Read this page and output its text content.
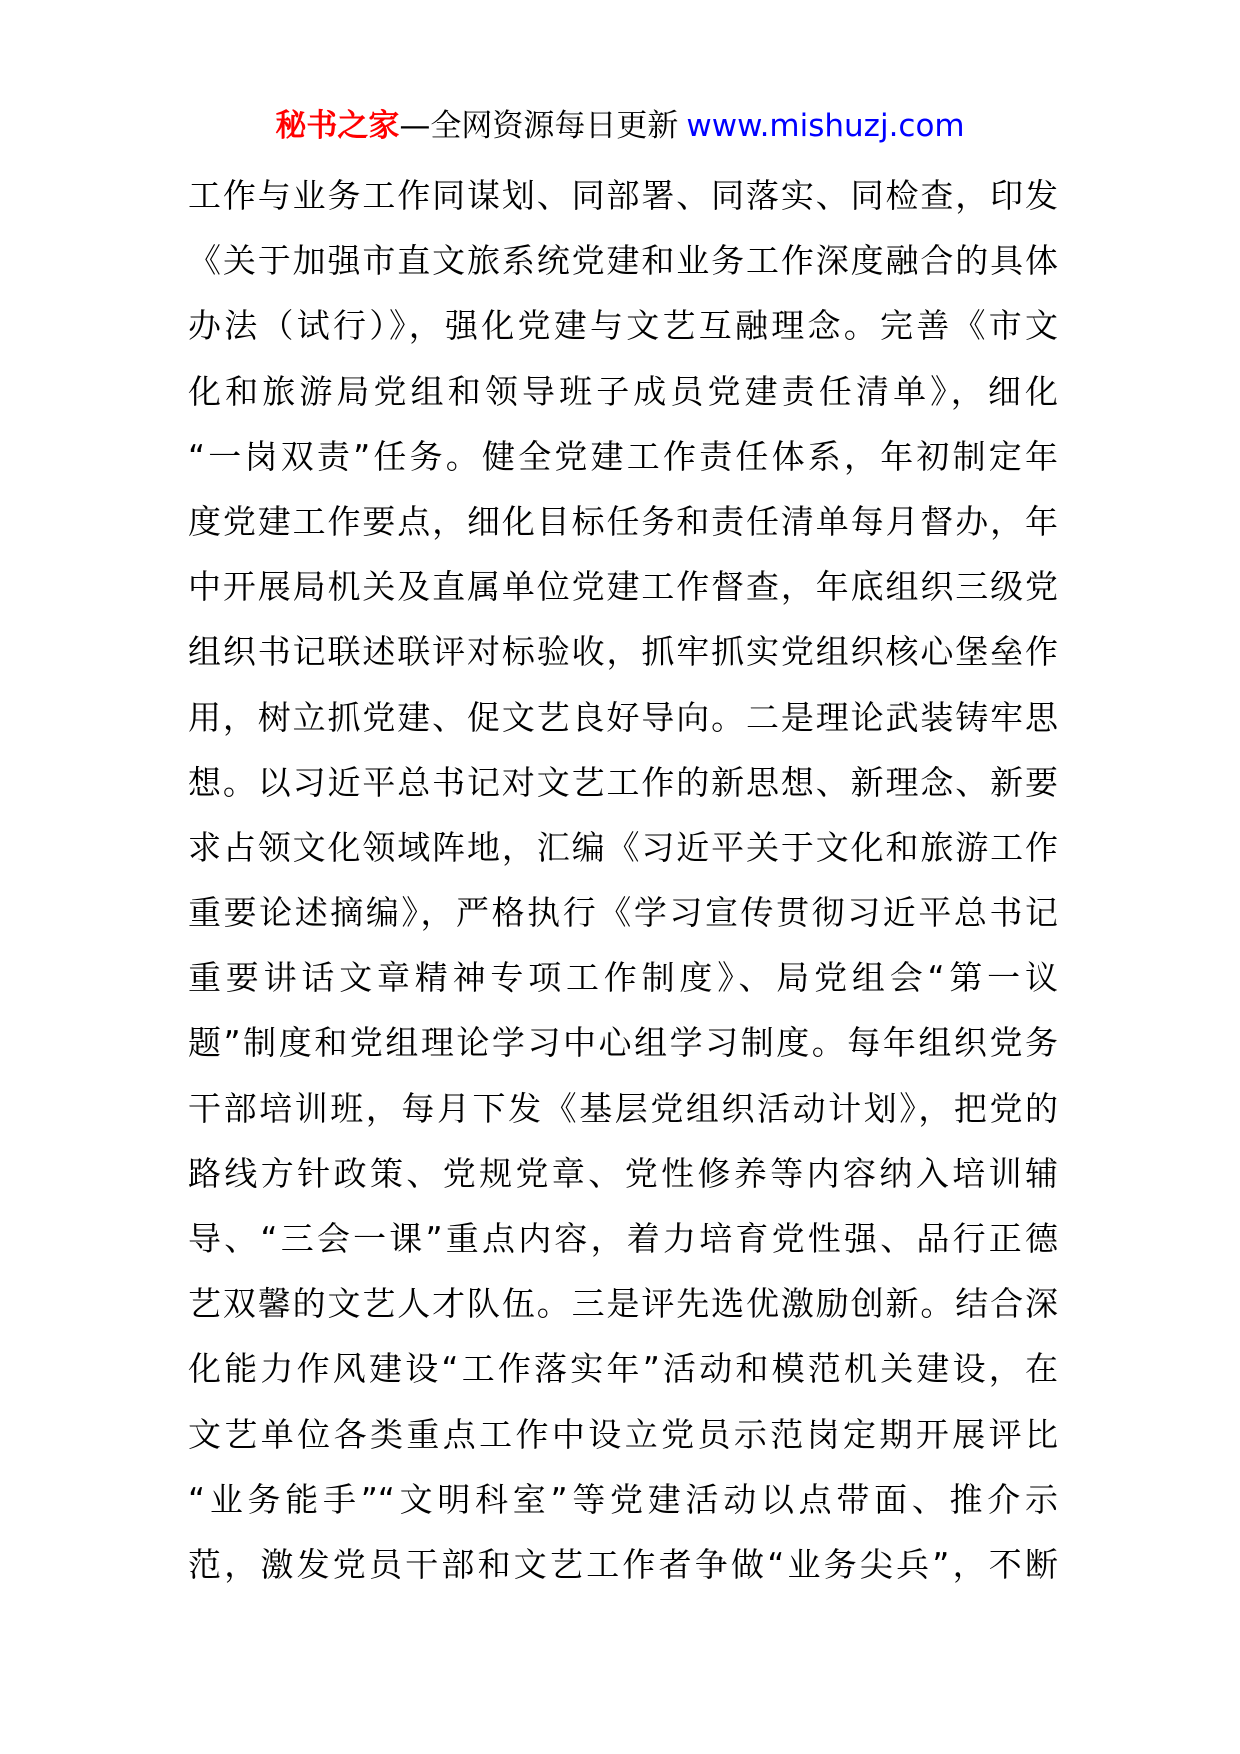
秘书之家—全网资源每日更新 www.mishuzj.com
工作与业务工作同谋划、同部署、同落实、同检查，印发
《关于加强市直文旅系统党建和业务工作深度融合的具体
办法（试行）》，强化党建与文艺互融理念。完善《市文
化和旅游局党组和领导班子成员党建责任清单》，细化
“一岗双责”任务。健全党建工作责任体系，年初制定年
度党建工作要点，细化目标任务和责任清单每月督办，年
中开展局机关及直属单位党建工作督查，年底组织三级党
组织书记联述联评对标验收，抓牢抓实党组织核心堡垒作
用，树立抓党建、促文艺良好导向。二是理论武装铸牢思
想。以习近平总书记对文艺工作的新思想、新理念、新要
求占领文化领域阵地，汇编《习近平关于文化和旅游工作
重要论述摘编》，严格执行《学习宣传贯彻习近平总书记
重要讲话文章精神专项工作制度》、局党组会“第一议
题”制度和党组理论学习中心组学习制度。每年组织党务
干部培训班，每月下发《基层党组织活动计划》，把党的
路线方针政策、党规党章、党性修养等内容纳入培训辅
导、“三会一课”重点内容，着力培育党性强、品行正德
艺双馨的文艺人才队伍。三是评先选优激励创新。结合深
化能力作风建设“工作落实年”活动和模范机关建设，在
文艺单位各类重点工作中设立党员示范岗定期开展评比
“业务能手”“文明科室”等党建活动以点带面、推介示
范，激发党员干部和文艺工作者争做“业务尖兵”，不断
